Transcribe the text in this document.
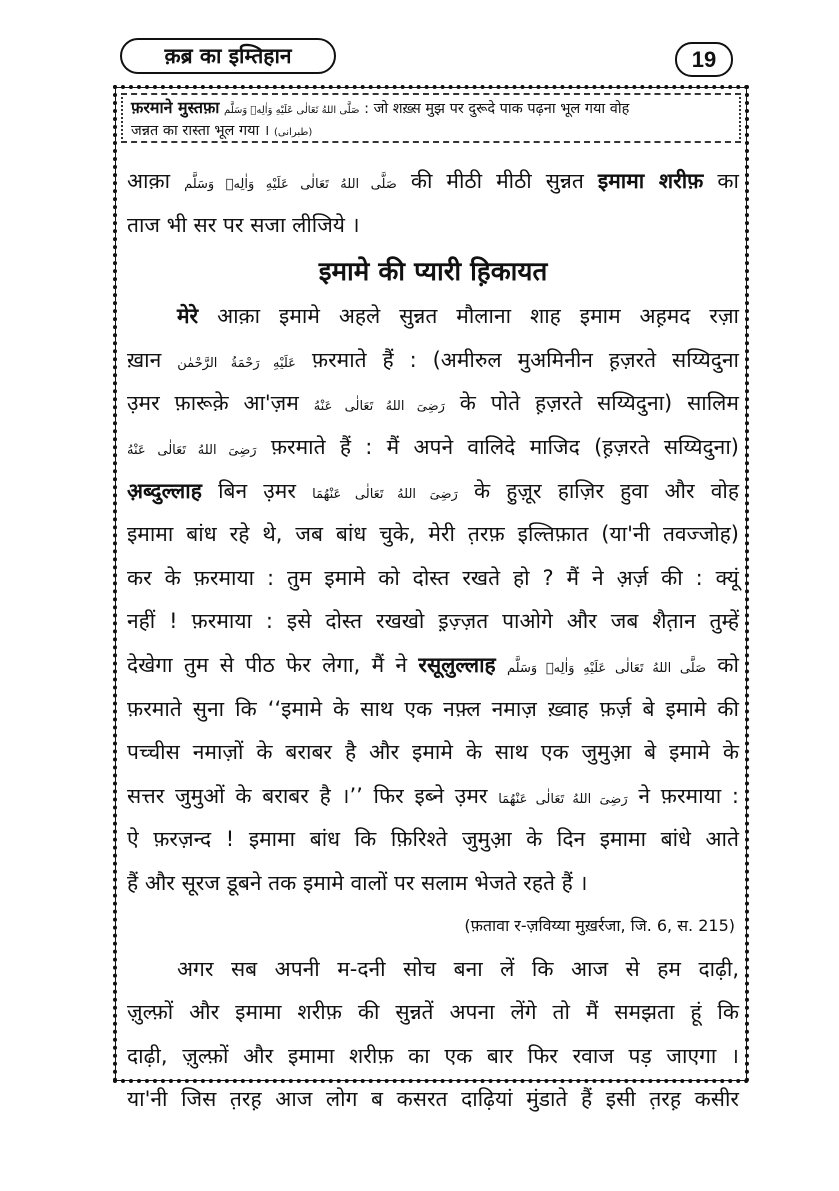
क़ब्र का इम्तिहान	19
फ़रमाने मुस्तफ़ा صَلَّى اللهُ تَعَالٰى عَلَيْهِ وَاٰلِهٖ وَسَلَّم : जो शख़्स मुझ पर दुरूदे पाक पढ़ना भूल गया वोह
जन्नत का रास्ता भूल गया । (طبرانی)
आक़ा صَلَّى اللهُ تَعَالٰى عَلَيْهِ وَاٰلِهٖ وَسَلَّم की मीठी मीठी सुन्नत इमामा शरीफ़ का
ताज भी सर पर सजा लीजिये ।
इमामे की प्यारी ह़िकायत
मेरे आक़ा इमामे अहले सुन्नत मौलाना शाह इमाम अह़मद रज़ा
ख़ान عَلَيْهِ رَحْمَةُ الرَّحْمٰن फ़रमाते हैं : (अमीरुल मुअमिनीन ह़ज़रते सय्यिदुना
उ़मर फ़ारूके़ आ'ज़म رَضِیَ اللهُ تَعَالٰى عَنْهُ के पोते ह़ज़रते सय्यिदुना) सालिम
رَضِیَ اللهُ تَعَالٰى عَنْهُ फ़रमाते हैं : मैं अपने वालिदे माजिद (ह़ज़रते सय्यिदुना)
अ़ब्दुल्लाह बिन उ़मर رَضِیَ اللهُ تَعَالٰى عَنْهُمَا के हु़ज़ूर हाज़िर हुवा और वोह
इमामा बांध रहे थे, जब बांध चुके, मेरी त़रफ़ इल्तिफ़ात (या'नी तवज्जोह)
कर के फ़रमाया : तुम इमामे को दोस्त रखते हो ? मैं ने अ़र्ज़ की : क्यूं
नहीं ! फ़रमाया : इसे दोस्त रखखो इ़ज़्ज़त पाओगे और जब शैत़ान तुम्हें
देखेगा तुम से पीठ फेर लेगा, मैं ने रसूलुल्लाह صَلَّى اللهُ تَعَالٰى عَلَيْهِ وَاٰلِهٖ وَسَلَّم को
फ़रमाते सुना कि ‘‘इमामे के साथ एक नफ़्ल नमाज़ ख़्वाह फ़र्ज़ बे इमामे की
पच्चीस नमाज़ों के बराबर है और इमामे के साथ एक जुमुआ़ बे इमामे के
सत्तर जुमुओं के बराबर है ।’’ फिर इब्ने उ़मर رَضِیَ اللهُ تَعَالٰى عَنْهُمَا ने फ़रमाया :
ऐ फ़रज़न्द ! इमामा बांध कि फ़िरिश्ते जुमुआ़ के दिन इमामा बांधे आते
हैं और सूरज डूबने तक इमामे वालों पर सलाम भेजते रहते हैं ।
(फ़तावा र-ज़विय्या मुख़र्रजा, जि. 6, स. 215)
अगर सब अपनी म-दनी सोच बना लें कि आज से हम दाढ़ी,
ज़ुल्फ़ों और इमामा शरीफ़ की सुन्नतें अपना लेंगे तो मैं समझता हूं कि
दाढ़ी, ज़ुल्फ़ों और इमामा शरीफ़ का एक बार फिर रवाज पड़ जाएगा ।
या'नी जिस त़रह़ आज लोग ब कसरत दाढ़ियां मुंडाते हैं इसी त़रह़ कसीर
